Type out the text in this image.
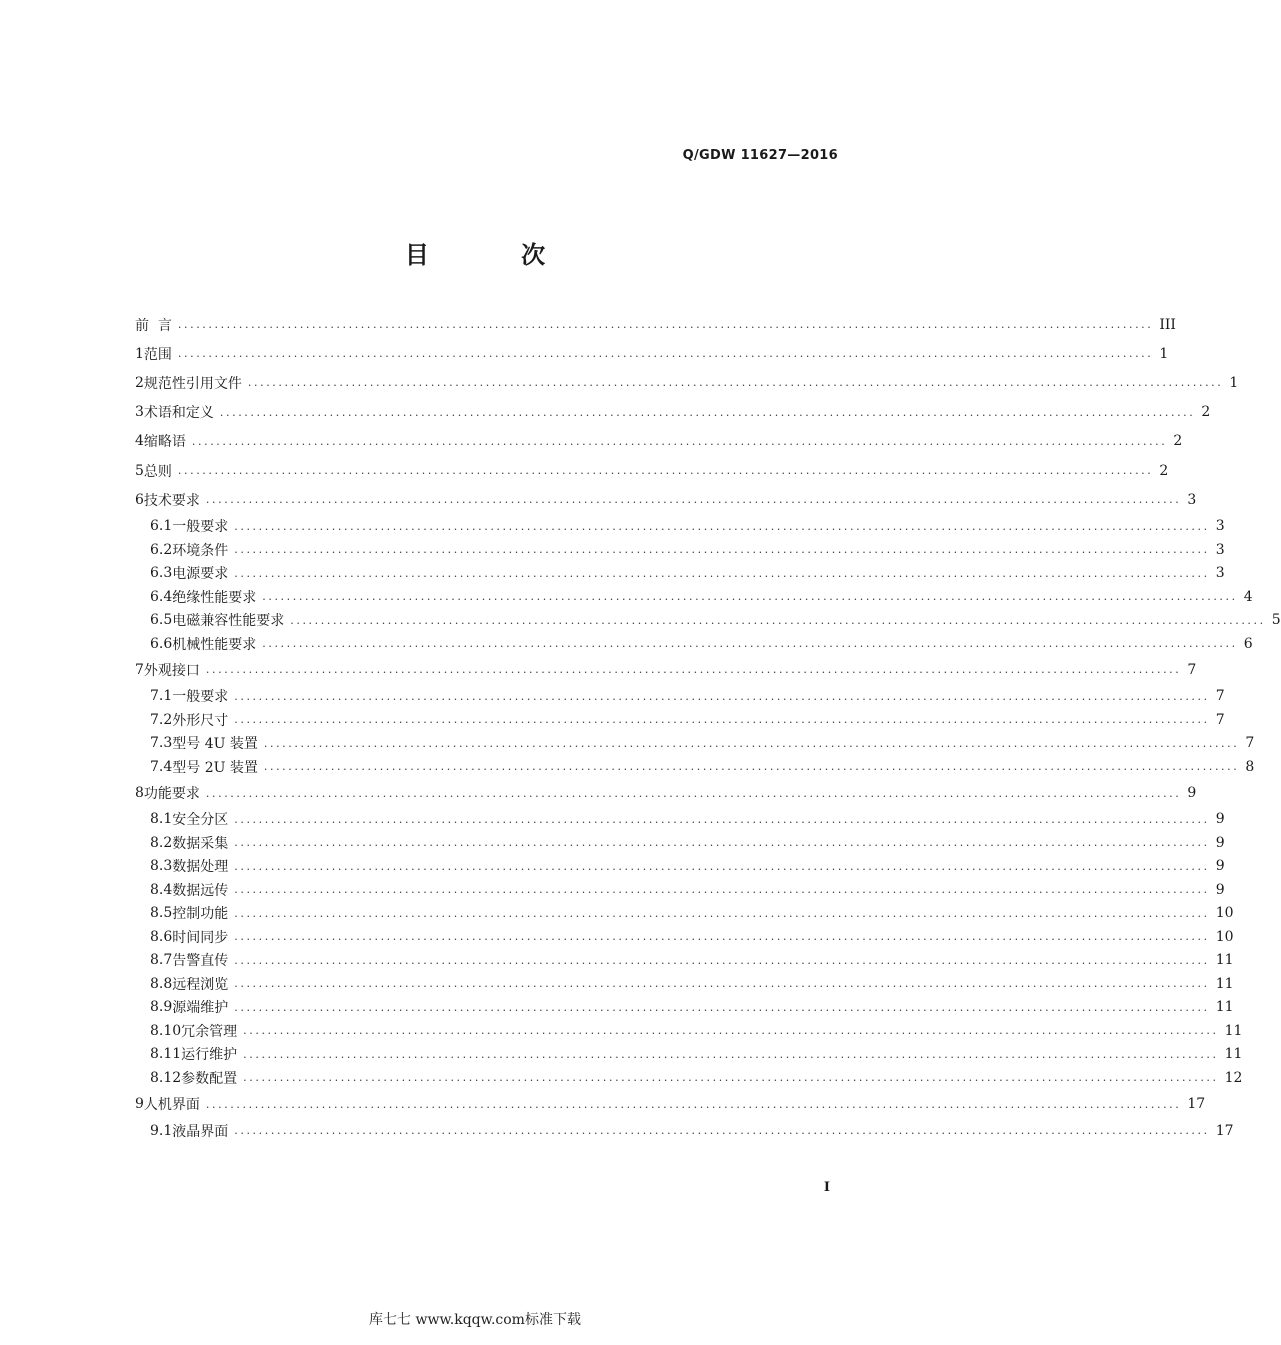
Q/GDW 11627—2016
目 次
前 言 ................................................................................................................................................................ III
1 范围 ................................................................................................................................................................ 1
2 规范性引用文件 ................................................................................................................................................................ 1
3 术语和定义 ................................................................................................................................................................ 2
4 缩略语 ................................................................................................................................................................ 2
5 总则 ................................................................................................................................................................ 2
6 技术要求 ................................................................................................................................................................ 3
6.1 一般要求 ................................................................................................................................................................ 3
6.2 环境条件 ................................................................................................................................................................ 3
6.3 电源要求 ................................................................................................................................................................ 3
6.4 绝缘性能要求 ................................................................................................................................................................ 4
6.5 电磁兼容性能要求 ................................................................................................................................................................ 5
6.6 机械性能要求 ................................................................................................................................................................ 6
7 外观接口 ................................................................................................................................................................ 7
7.1 一般要求 ................................................................................................................................................................ 7
7.2 外形尺寸 ................................................................................................................................................................ 7
7.3 型号 4U 装置 ................................................................................................................................................................ 7
7.4 型号 2U 装置 ................................................................................................................................................................ 8
8 功能要求 ................................................................................................................................................................ 9
8.1 安全分区 ................................................................................................................................................................ 9
8.2 数据采集 ................................................................................................................................................................ 9
8.3 数据处理 ................................................................................................................................................................ 9
8.4 数据远传 ................................................................................................................................................................ 9
8.5 控制功能 ................................................................................................................................................................ 10
8.6 时间同步 ................................................................................................................................................................ 10
8.7 告警直传 ................................................................................................................................................................ 11
8.8 远程浏览 ................................................................................................................................................................ 11
8.9 源端维护 ................................................................................................................................................................ 11
8.10 冗余管理 ................................................................................................................................................................ 11
8.11 运行维护 ................................................................................................................................................................ 11
8.12 参数配置 ................................................................................................................................................................ 12
9 人机界面 ................................................................................................................................................................ 17
9.1 液晶界面 ................................................................................................................................................................ 17
I
库七七 www.kqqw.com标准下载
